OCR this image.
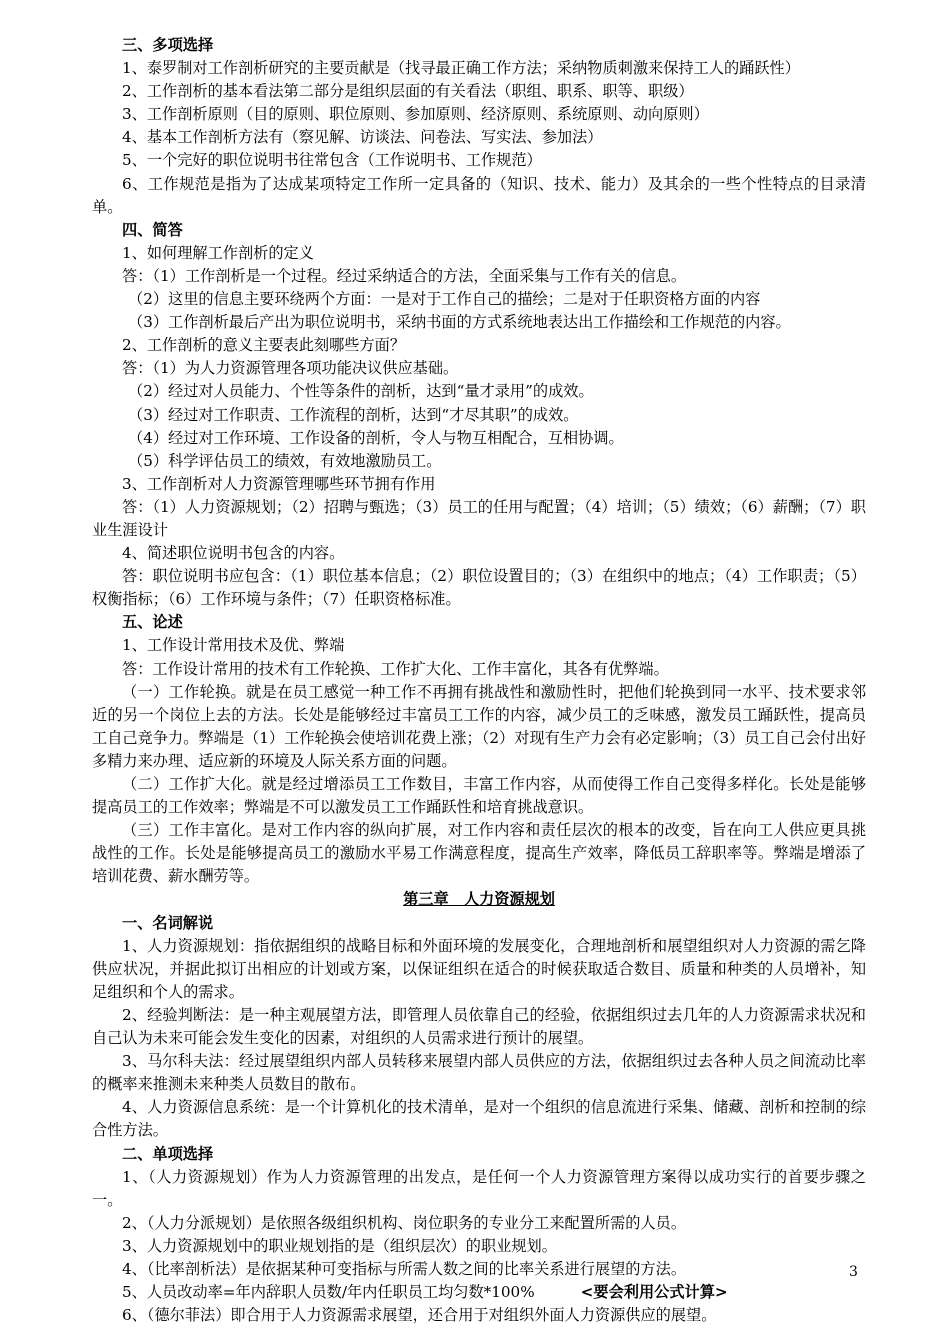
三、多项选择

1、泰罗制对工作剖析研究的主要贡献是（找寻最正确工作方法；采纳物质刺激来保持工人的踊跃性）

2、工作剖析的基本看法第二部分是组织层面的有关看法（职组、职系、职等、职级）

3、工作剖析原则（目的原则、职位原则、参加原则、经济原则、系统原则、动向原则）

4、基本工作剖析方法有（察见解、访谈法、问卷法、写实法、参加法）

5、一个完好的职位说明书往常包含（工作说明书、工作规范）

6、工作规范是指为了达成某项特定工作所一定具备的（知识、技术、能力）及其余的一些个性特点的目录清单。

四、简答

1、如何理解工作剖析的定义

答：（1）工作剖析是一个过程。经过采纳适合的方法，全面采集与工作有关的信息。

（2）这里的信息主要环绕两个方面：一是对于工作自己的描绘；二是对于任职资格方面的内容

（3）工作剖析最后产出为职位说明书，采纳书面的方式系统地表达出工作描绘和工作规范的内容。

2、工作剖析的意义主要表此刻哪些方面？

答：（1）为人力资源管理各项功能决议供应基础。

（2）经过对人员能力、个性等条件的剖析，达到“量才录用”的成效。

（3）经过对工作职责、工作流程的剖析，达到“才尽其职”的成效。

（4）经过对工作环境、工作设备的剖析，令人与物互相配合，互相协调。

（5）科学评估员工的绩效，有效地激励员工。

3、工作剖析对人力资源管理哪些环节拥有作用

答：（1）人力资源规划；（2）招聘与甄选；（3）员工的任用与配置；（4）培训；（5）绩效；（6）薪酬；（7）职业生涯设计

4、简述职位说明书包含的内容。

答：职位说明书应包含：（1）职位基本信息；（2）职位设置目的；（3）在组织中的地点；（4）工作职责；（5）权衡指标；（6）工作环境与条件；（7）任职资格标准。

五、论述

1、工作设计常用技术及优、弊端

答：工作设计常用的技术有工作轮换、工作扩大化、工作丰富化，其各有优弊端。

（一）工作轮换。就是在员工感觉一种工作不再拥有挑战性和激励性时，把他们轮换到同一水平、技术要求邻近的另一个岗位上去的方法。长处是能够经过丰富员工工作的内容，减少员工的乏味感，激发员工踊跃性，提高员工自己竞争力。弊端是（1）工作轮换会使培训花费上涨；（2）对现有生产力会有必定影响；（3）员工自己会付出好多精力来办理、适应新的环境及人际关系方面的问题。

（二）工作扩大化。就是经过增添员工工作数目，丰富工作内容，从而使得工作自己变得多样化。长处是能够提高员工的工作效率；弊端是不可以激发员工工作踊跃性和培育挑战意识。

（三）工作丰富化。是对工作内容的纵向扩展，对工作内容和责任层次的根本的改变，旨在向工人供应更具挑战性的工作。长处是能够提高员工的激励水平易工作满意程度，提高生产效率，降低员工辞职率等。弊端是增添了培训花费、薪水酬劳等。

第三章　人力资源规划

一、名词解说

1、人力资源规划：指依据组织的战略目标和外面环境的发展变化，合理地剖析和展望组织对人力资源的需乞降供应状况，并据此拟订出相应的计划或方案，以保证组织在适合的时候获取适合数目、质量和种类的人员增补，知足组织和个人的需求。

2、经验判断法：是一种主观展望方法，即管理人员依靠自己的经验，依据组织过去几年的人力资源需求状况和自己认为未来可能会发生变化的因素，对组织的人员需求进行预计的展望。

3、马尔科夫法：经过展望组织内部人员转移来展望内部人员供应的方法，依据组织过去各种人员之间流动比率的概率来推测未来种类人员数目的散布。

4、人力资源信息系统：是一个计算机化的技术清单，是对一个组织的信息流进行采集、储藏、剖析和控制的综合性方法。

二、单项选择

1、（人力资源规划）作为人力资源管理的出发点，是任何一个人力资源管理方案得以成功实行的首要步骤之一。

2、（人力分派规划）是依照各级组织机构、岗位职务的专业分工来配置所需的人员。

3、人力资源规划中的职业规划指的是（组织层次）的职业规划。

4、（比率剖析法）是依据某种可变指标与所需人数之间的比率关系进行展望的方法。

5、人员改动率=年内辞职人员数/年内任职员工均匀数*100%	<要会利用公式计算>

6、（德尔菲法）即合用于人力资源需求展望，还合用于对组织外面人力资源供应的展望。

3
